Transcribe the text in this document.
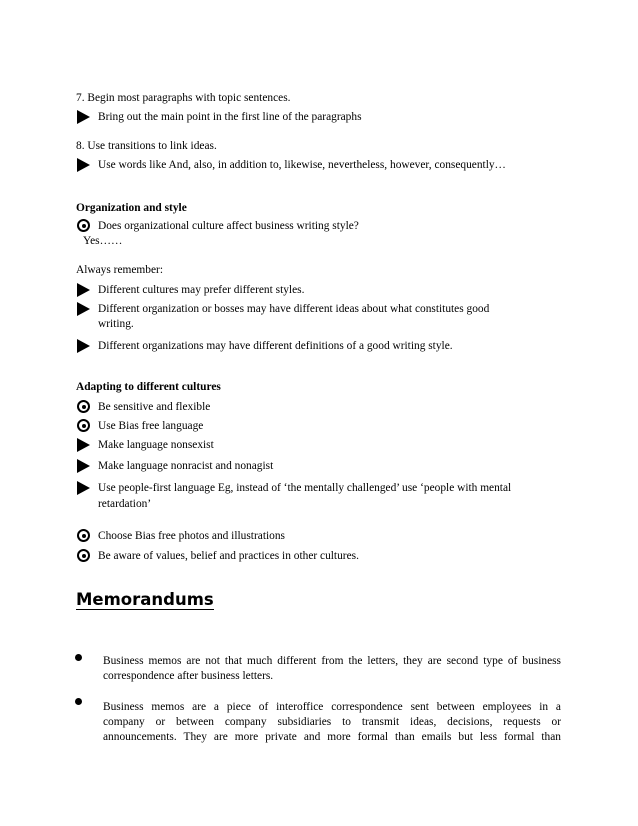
7. Begin most paragraphs with topic sentences.
Bring out the main point in the first line of the paragraphs
8. Use transitions to link ideas.
Use words like And, also, in addition to, likewise, nevertheless, however, consequently…
Organization and style
Does organizational culture affect business writing style?
Yes……
Always remember:
Different cultures may prefer different styles.
Different organization or bosses may have different ideas about what constitutes good
writing.
Different organizations may have different definitions of a good writing style.
Adapting to different cultures
Be sensitive and flexible
Use Bias free language
Make language nonsexist
Make language nonracist and nonagist
Use people-first language Eg, instead of ‘the mentally challenged’ use ‘people with mental
retardation’
Choose Bias free photos and illustrations
Be aware of values, belief and practices in other cultures.
Memorandums
Business memos are not that much different from the letters, they are second type of business correspondence after business letters.
Business memos are a piece of interoffice correspondence sent between employees in a
company or between company subsidiaries to transmit ideas, decisions, requests or
announcements. They are more private and more formal than emails but less formal than
